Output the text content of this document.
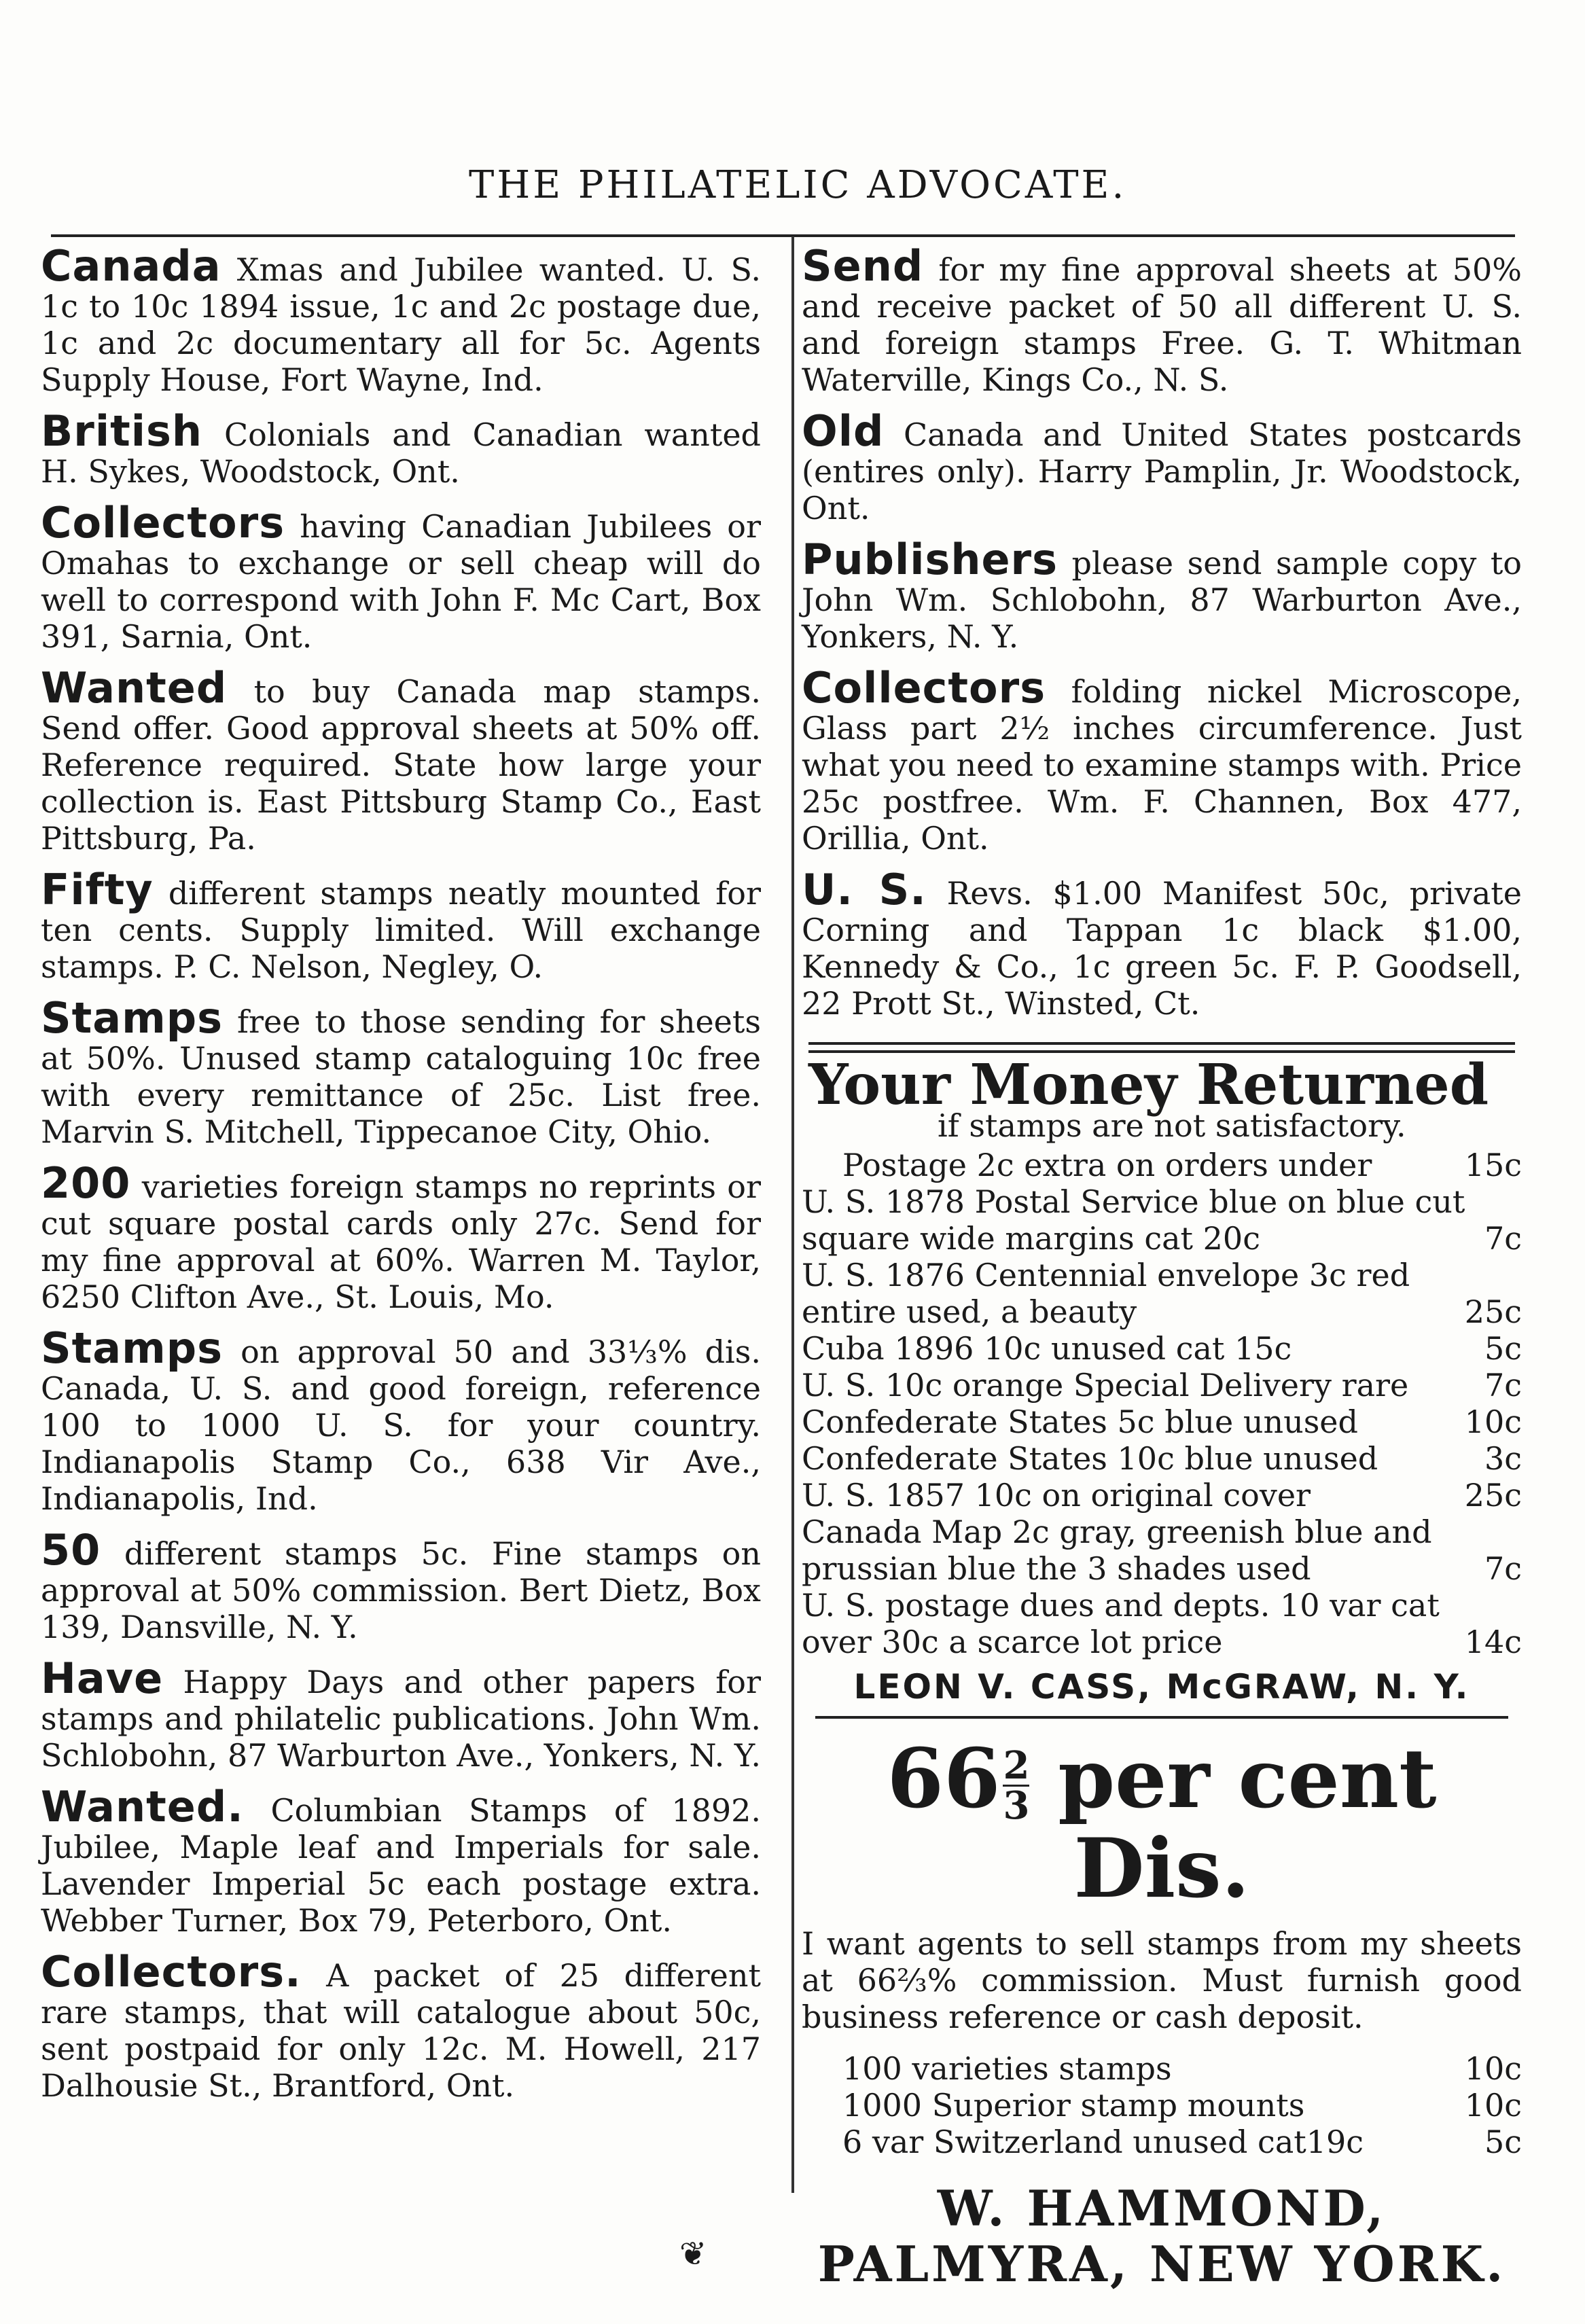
THE PHILATELIC ADVOCATE.

Canada Xmas and Jubilee wanted. U. S. 1c to 10c 1894 issue, 1c and 2c postage due, 1c and 2c documentary all for 5c. Agents Supply House, Fort Wayne, Ind.

British Colonials and Canadian wanted H. Sykes, Woodstock, Ont.

Collectors having Canadian Jubilees or Omahas to exchange or sell cheap will do well to correspond with John F. Mc Cart, Box 391, Sarnia, Ont.

Wanted to buy Canada map stamps. Send offer. Good approval sheets at 50% off. Reference required. State how large your collection is. East Pittsburg Stamp Co., East Pittsburg, Pa.

Fifty different stamps neatly mounted for ten cents. Supply limited. Will exchange stamps. P. C. Nelson, Negley, O.

Stamps free to those sending for sheets at 50%. Unused stamp cataloguing 10c free with every remittance of 25c. List free. Marvin S. Mitchell, Tippecanoe City, Ohio.

200 varieties foreign stamps no reprints or cut square postal cards only 27c. Send for my fine approval at 60%. Warren M. Taylor, 6250 Clifton Ave., St. Louis, Mo.

Stamps on approval 50 and 33⅓% dis. Canada, U. S. and good foreign, reference 100 to 1000 U. S. for your country. Indianapolis Stamp Co., 638 Vir Ave., Indianapolis, Ind.

50 different stamps 5c. Fine stamps on approval at 50% commission. Bert Dietz, Box 139, Dansville, N. Y.

Have Happy Days and other papers for stamps and philatelic publications. John Wm. Schlobohn, 87 Warburton Ave., Yonkers, N. Y.

Wanted. Columbian Stamps of 1892. Jubilee, Maple leaf and Imperials for sale. Lavender Imperial 5c each postage extra. Webber Turner, Box 79, Peterboro, Ont.

Collectors. A packet of 25 different rare stamps, that will catalogue about 50c, sent postpaid for only 12c. M. Howell, 217 Dalhousie St., Brantford, Ont.

Send for my fine approval sheets at 50% and receive packet of 50 all different U. S. and foreign stamps Free. G. T. Whitman Waterville, Kings Co., N. S.

Old Canada and United States postcards (entires only). Harry Pamplin, Jr. Woodstock, Ont.

Publishers please send sample copy to John Wm. Schlobohn, 87 Warburton Ave., Yonkers, N. Y.

Collectors folding nickel Microscope, Glass part 2½ inches circumference. Just what you need to examine stamps with. Price 25c postfree. Wm. F. Channen, Box 477, Orillia, Ont.

U. S. Revs. $1.00 Manifest 50c, private Corning and Tappan 1c black $1.00, Kennedy & Co., 1c green 5c. F. P. Goodsell, 22 Prott St., Winsted, Ct.

Your Money Returned
if stamps are not satisfactory.
Postage 2c extra on orders under	15c
U. S. 1878 Postal Service blue on blue cut square wide margins cat 20c	7c
U. S. 1876 Centennial envelope 3c red entire used, a beauty	25c
Cuba 1896 10c unused cat 15c	5c
U. S. 10c orange Special Delivery rare	7c
Confederate States 5c blue unused	10c
Confederate States 10c blue unused	3c
U. S. 1857 10c on original cover	25c
Canada Map 2c gray, greenish blue and prussian blue the 3 shades used	7c
U. S. postage dues and depts. 10 var cat over 30c a scarce lot price	14c
LEON V. CASS, McGRAW, N. Y.
$66 \frac{2}{3}$ per cent Dis.

I want agents to sell stamps from my sheets at 66⅔% commission. Must furnish good business reference or cash deposit.

100 varieties stamps	10c
1000 Superior stamp mounts	10c
6 var Switzerland unused cat19c	5c
W. HAMMOND,
PALMYRA, NEW YORK.
❦
